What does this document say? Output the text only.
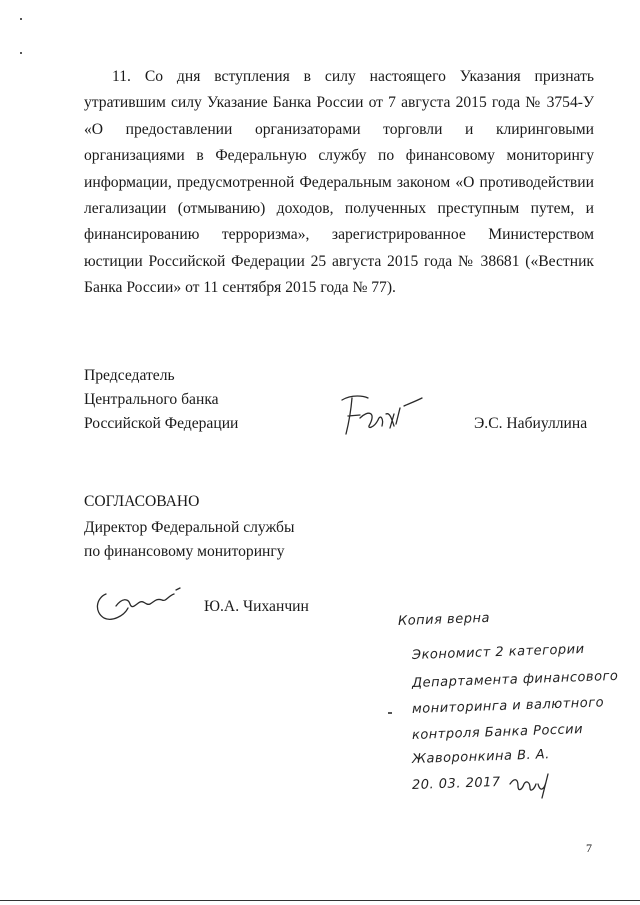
11. Со дня вступления в силу настоящего Указания признать утратившим силу Указание Банка России от 7 августа 2015 года № 3754-У «О предоставлении организаторами торговли и клиринговыми организациями в Федеральную службу по финансовому мониторингу информации, предусмотренной Федеральным законом «О противодействии легализации (отмыванию) доходов, полученных преступным путем, и финансированию терроризма», зарегистрированное Министерством юстиции Российской Федерации 25 августа 2015 года № 38681 («Вестник Банка России» от 11 сентября 2015 года № 77).

Председатель
Центрального банка
Российской Федерации	Э.С. Набиуллина
СОГЛАСОВАНО
Директор Федеральной службы
по финансовому мониторингу
Ю.А. Чиханчин
Копия верна
Экономист 2 категории
Департамента финансового
мониторинга и валютного
контроля Банка России
Жаворонкина В. А.
20. 03. 2017
7
